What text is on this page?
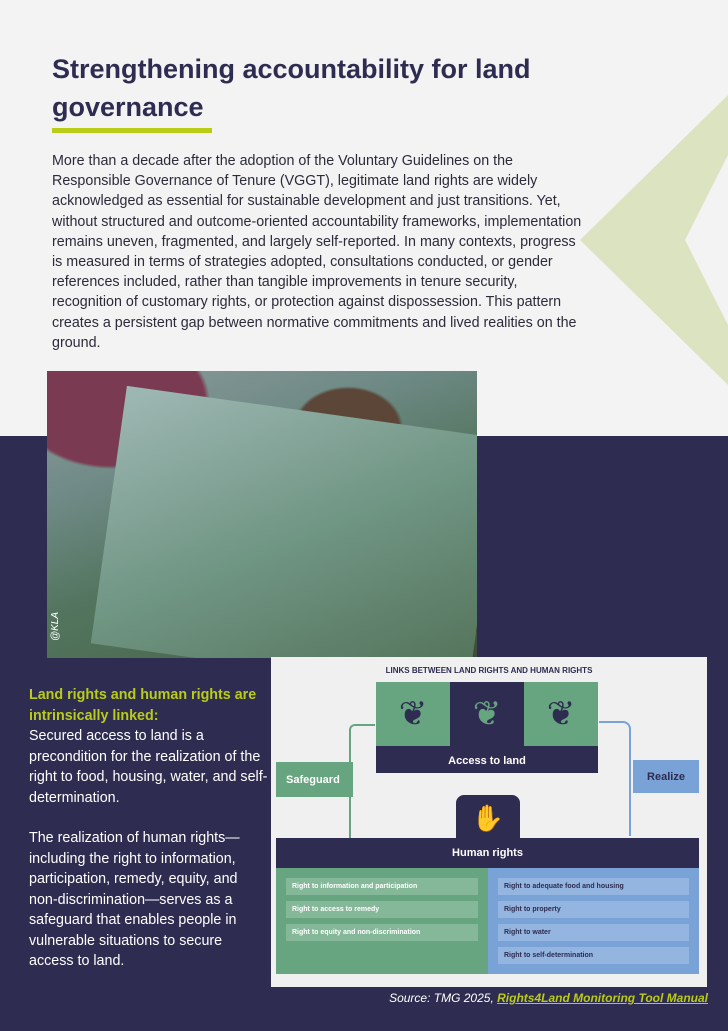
Strengthening accountability for land governance

More than a decade after the adoption of the Voluntary Guidelines on the Responsible Governance of Tenure (VGGT), legitimate land rights are widely acknowledged as essential for sustainable development and just transitions. Yet, without structured and outcome-oriented accountability frameworks, implementation remains uneven, fragmented, and largely self-reported. In many contexts, progress is measured in terms of strategies adopted, consultations conducted, or gender references included, rather than tangible improvements in tenure security, recognition of customary rights, or protection against dispossession. This pattern creates a persistent gap between normative commitments and lived realities on the ground.

@KLA
Land rights and human rights are intrinsically linked:

Secured access to land is a precondition for the realization of the right to food, housing, water, and self-determination.

The realization of human rights—including the right to information, participation, remedy, equity, and non-discrimination—serves as a safeguard that enables people in vulnerable situations to secure access to land.

LINKS BETWEEN LAND RIGHTS AND HUMAN RIGHTS
❦	❦	❦
Access to land
Safeguard	Realize
✋
Human rights
Right to information and participation
Right to access to remedy
Right to equity and non-discrimination
Right to adequate food and housing
Right to property
Right to water
Right to self-determination
Source: TMG 2025, Rights4Land Monitoring Tool Manual
